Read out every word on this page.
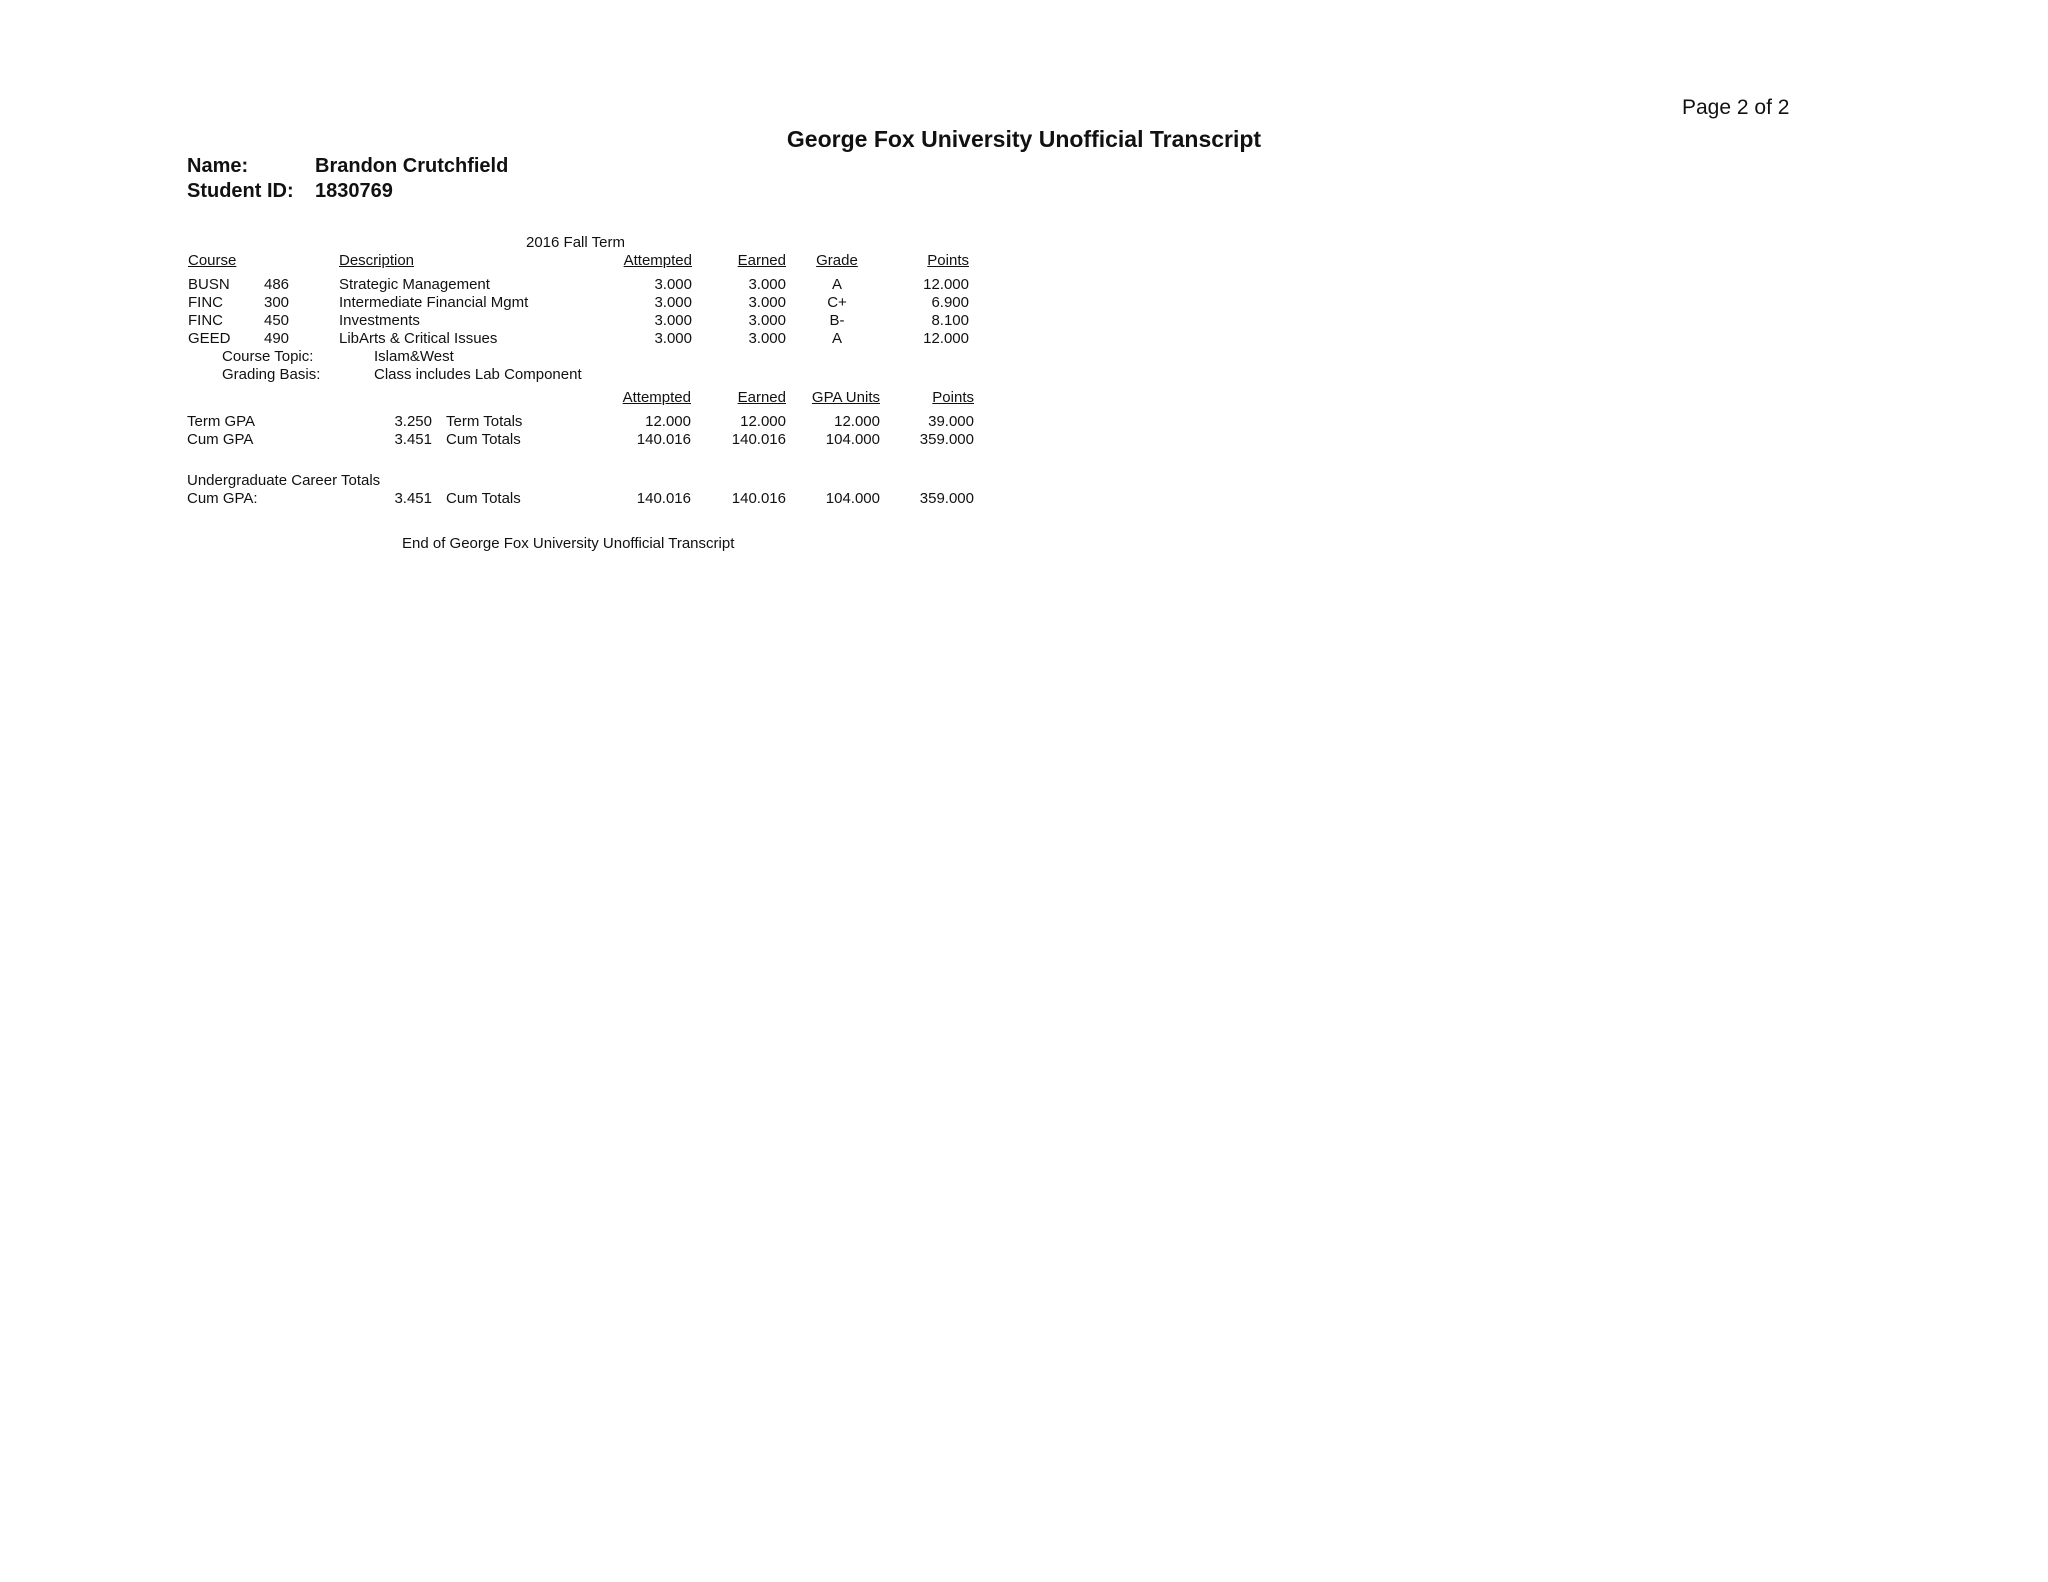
Page 2 of 2
George Fox University Unofficial Transcript
Name:	Brandon Crutchfield
Student ID: 1830769
2016 Fall Term
Course	Description	Attempted	Earned	Grade	Points
BUSN 486	Strategic Management	3.000	3.000	A	12.000
FINC	300	Intermediate Financial Mgmt	3.000	3.000	C+	6.900
FINC	450	Investments	3.000	3.000	B-	8.100
GEED 490	LibArts & Critical Issues	3.000	3.000	A	12.000
Course Topic:	Islam&West
Grading Basis:	Class includes Lab Component
Attempted	Earned	GPA Units	Points
Term GPA	3.250 Term Totals	12.000	12.000	12.000	39.000
Cum GPA	3.451 Cum Totals	140.016	140.016	104.000	359.000
Undergraduate Career Totals
Cum GPA:	3.451 Cum Totals	140.016	140.016	104.000	359.000
End of George Fox University Unofficial Transcript
